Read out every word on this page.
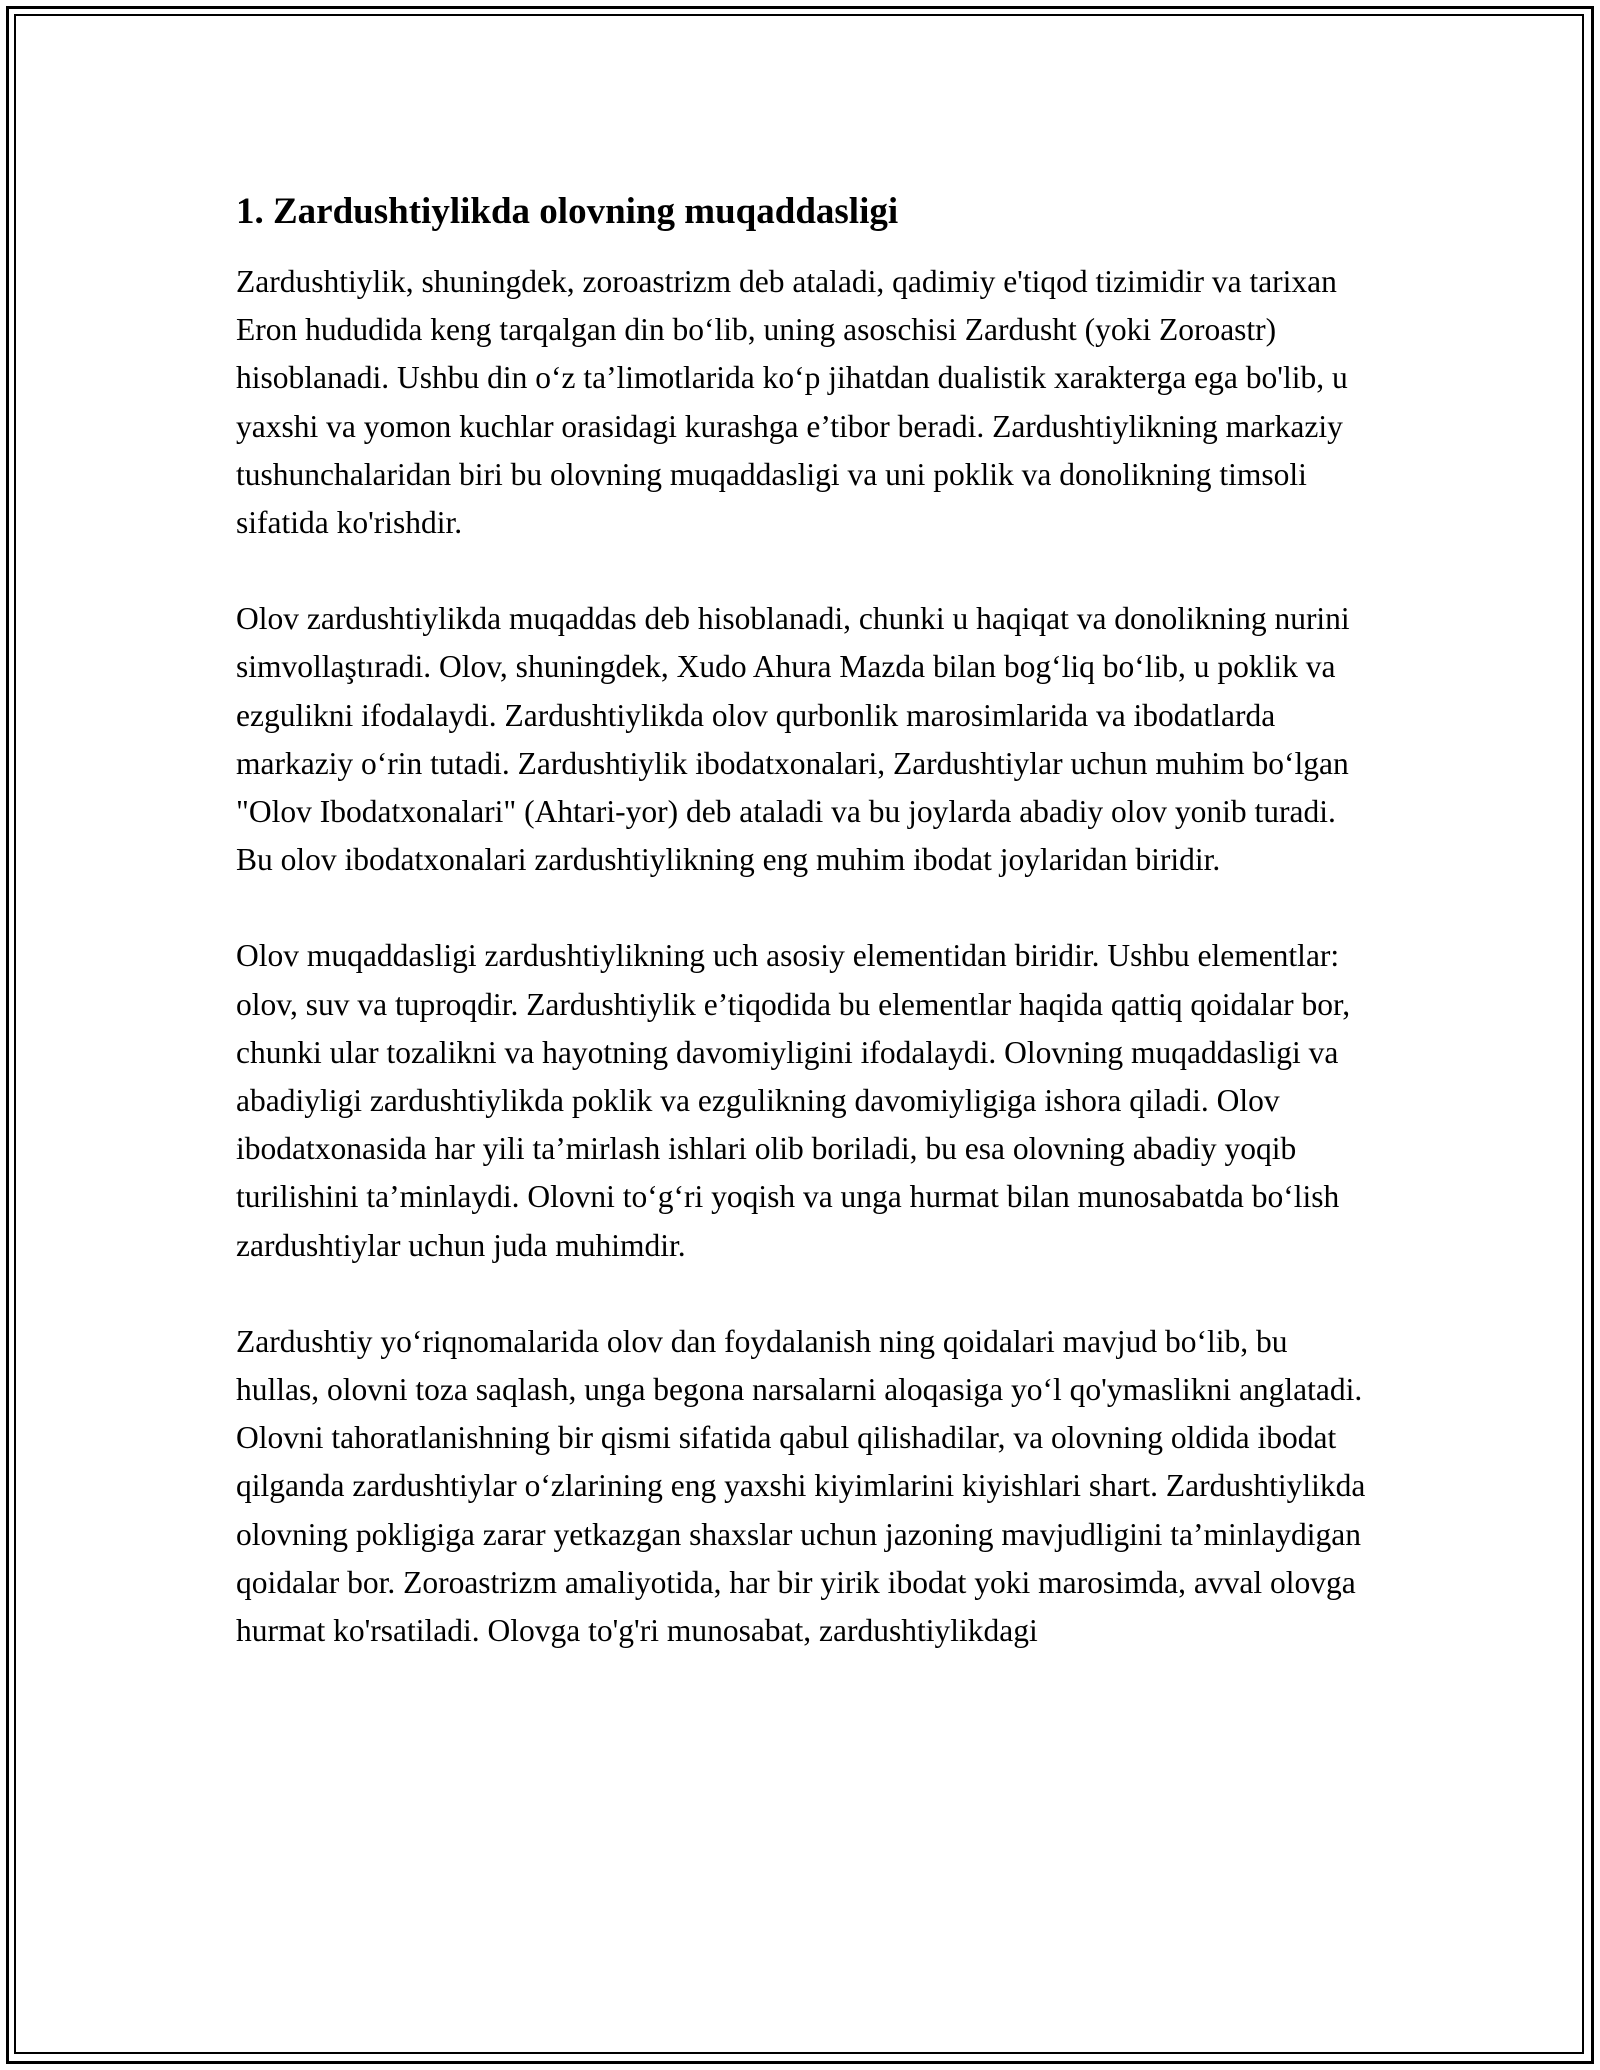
1. Zardushtiylikda olovning muqaddasligi

Zardushtiylik, shuningdek, zoroastrizm deb ataladi, qadimiy e'tiqod tizimidir va tarixan Eron hududida keng tarqalgan din bo‘lib, uning asoschisi Zardusht (yoki Zoroastr) hisoblanadi. Ushbu din o‘z ta’limotlarida ko‘p jihatdan dualistik xarakterga ega bo'lib, u yaxshi va yomon kuchlar orasidagi kurashga e’tibor beradi. Zardushtiylikning markaziy tushunchalaridan biri bu olovning muqaddasligi va uni poklik va donolikning timsoli sifatida ko'rishdir.

Olov zardushtiylikda muqaddas deb hisoblanadi, chunki u haqiqat va donolikning nurini simvollaştıradi. Olov, shuningdek, Xudo Ahura Mazda bilan bog‘liq bo‘lib, u poklik va ezgulikni ifodalaydi. Zardushtiylikda olov qurbonlik marosimlarida va ibodatlarda markaziy o‘rin tutadi. Zardushtiylik ibodatxonalari, Zardushtiylar uchun muhim bo‘lgan "Olov Ibodatxonalari" (Ahtari-yor) deb ataladi va bu joylarda abadiy olov yonib turadi. Bu olov ibodatxonalari zardushtiylikning eng muhim ibodat joylaridan biridir.

Olov muqaddasligi zardushtiylikning uch asosiy elementidan biridir. Ushbu elementlar: olov, suv va tuproqdir. Zardushtiylik e’tiqodida bu elementlar haqida qattiq qoidalar bor, chunki ular tozalikni va hayotning davomiyligini ifodalaydi. Olovning muqaddasligi va abadiyligi zardushtiylikda poklik va ezgulikning davomiyligiga ishora qiladi. Olov ibodatxonasida har yili ta’mirlash ishlari olib boriladi, bu esa olovning abadiy yoqib turilishini ta’minlaydi. Olovni to‘g‘ri yoqish va unga hurmat bilan munosabatda bo‘lish zardushtiylar uchun juda muhimdir.

Zardushtiy yo‘riqnomalarida olov dan foydalanish ning qoidalari mavjud bo‘lib, bu hullas, olovni toza saqlash, unga begona narsalarni aloqasiga yo‘l qo'ymaslikni anglatadi. Olovni tahoratlanishning bir qismi sifatida qabul qilishadilar, va olovning oldida ibodat qilganda zardushtiylar o‘zlarining eng yaxshi kiyimlarini kiyishlari shart. Zardushtiylikda olovning pokligiga zarar yetkazgan shaxslar uchun jazoning mavjudligini ta’minlaydigan qoidalar bor. Zoroastrizm amaliyotida, har bir yirik ibodat yoki marosimda, avval olovga hurmat ko'rsatiladi. Olovga to'g'ri munosabat, zardushtiylikdagi
